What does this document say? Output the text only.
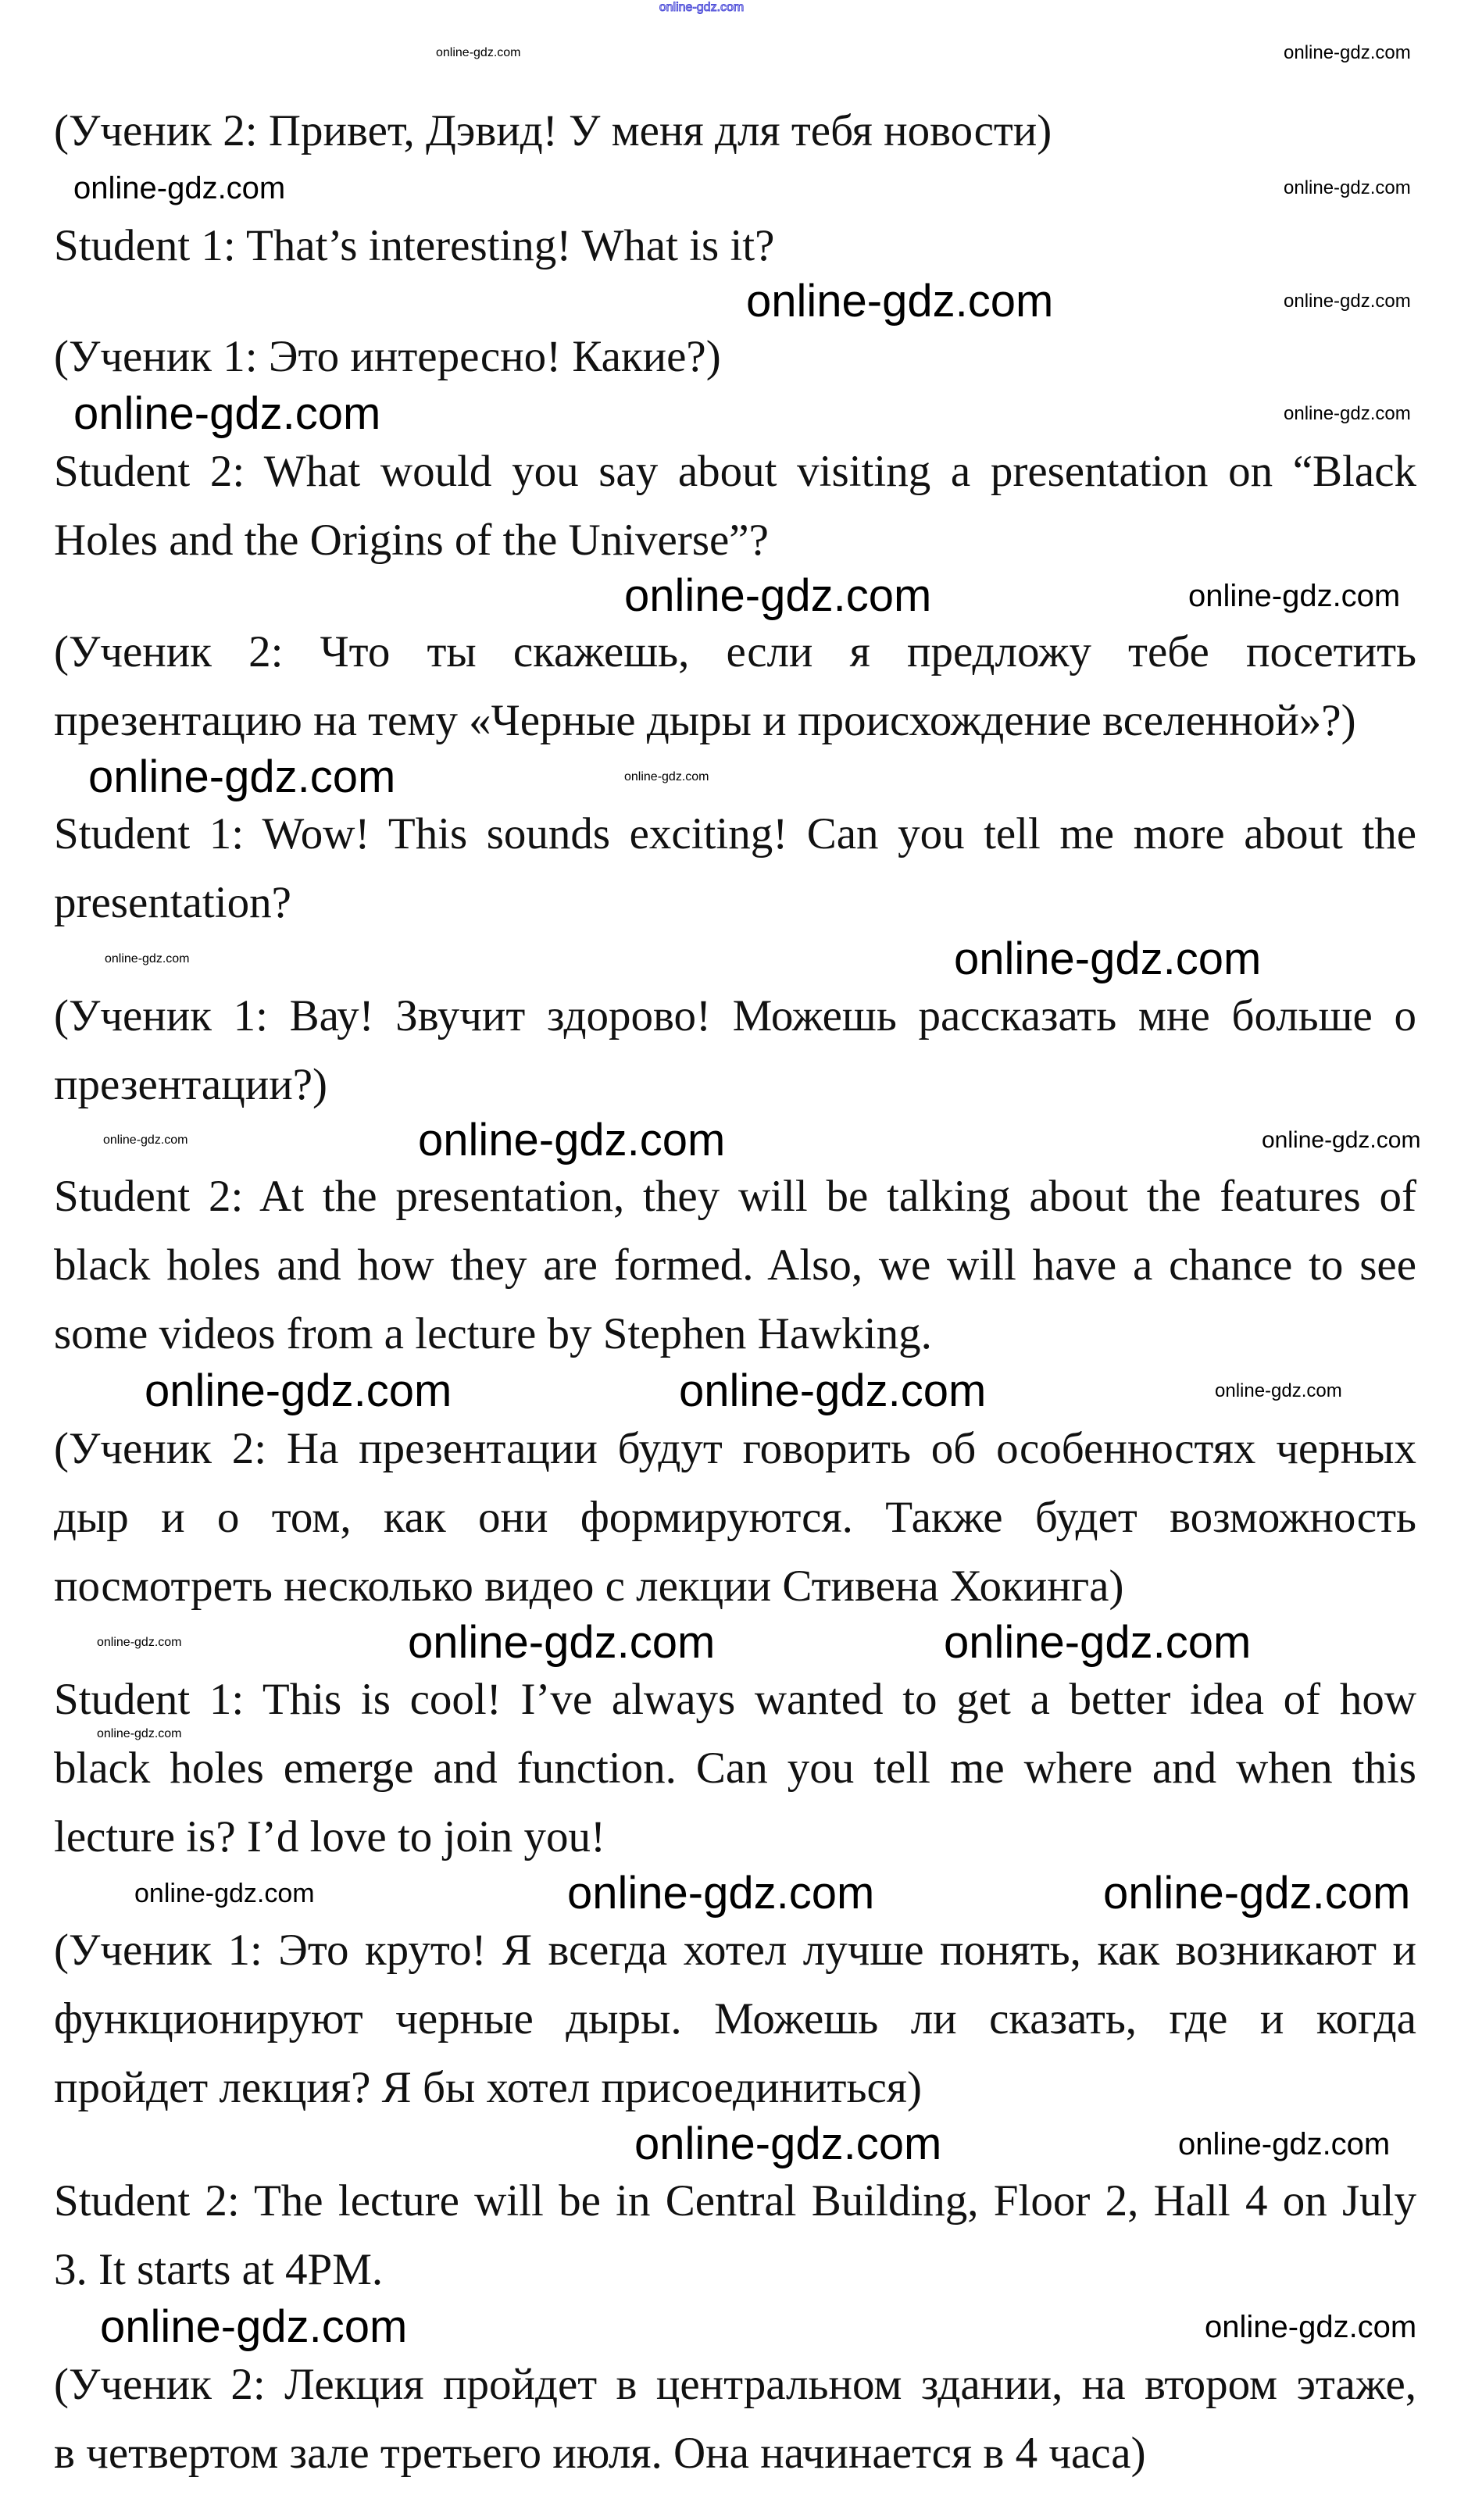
(Ученик 2: Привет, Дэвид! У меня для тебя новости)
Student 1: That’s interesting! What is it?
(Ученик 1: Это интересно! Какие?)
Student 2: What would you say about visiting a presentation on “Black
Holes and the Origins of the Universe”?
(Ученик 2: Что ты скажешь, если я предложу тебе посетить
презентацию на тему «Черные дыры и происхождение вселенной»?)
Student 1: Wow! This sounds exciting! Can you tell me more about the
presentation?
(Ученик 1: Вау! Звучит здорово! Можешь рассказать мне больше о
презентации?)
Student 2: At the presentation, they will be talking about the features of
black holes and how they are formed. Also, we will have a chance to see
some videos from a lecture by Stephen Hawking.
(Ученик 2: На презентации будут говорить об особенностях черных
дыр и о том, как они формируются. Также будет возможность
посмотреть несколько видео с лекции Стивена Хокинга)
Student 1: This is cool! I’ve always wanted to get a better idea of how
black holes emerge and function. Can you tell me where and when this
lecture is? I’d love to join you!
(Ученик 1: Это круто! Я всегда хотел лучше понять, как возникают и
функционируют черные дыры. Можешь ли сказать, где и когда
пройдет лекция? Я бы хотел присоединиться)
Student 2: The lecture will be in Central Building, Floor 2, Hall 4 on July
3. It starts at 4PM.
(Ученик 2: Лекция пройдет в центральном здании, на втором этаже,
в четвертом зале третьего июля. Она начинается в 4 часа)
online-gdz.com
online-gdz.com
online-gdz.com
online-gdz.com	online-gdz.com
online-gdz.com
online-gdz.com
online-gdz.com	online-gdz.com
online-gdz.com	online-gdz.com
online-gdz.com	online-gdz.com
online-gdz.com
online-gdz.com
online-gdz.com	online-gdz.com	online-gdz.com
online-gdz.com
online-gdz.com	online-gdz.com
online-gdz.com	online-gdz.com	online-gdz.com
online-gdz.com
online-gdz.com	online-gdz.com	online-gdz.com
online-gdz.com	online-gdz.com
online-gdz.com	online-gdz.com
